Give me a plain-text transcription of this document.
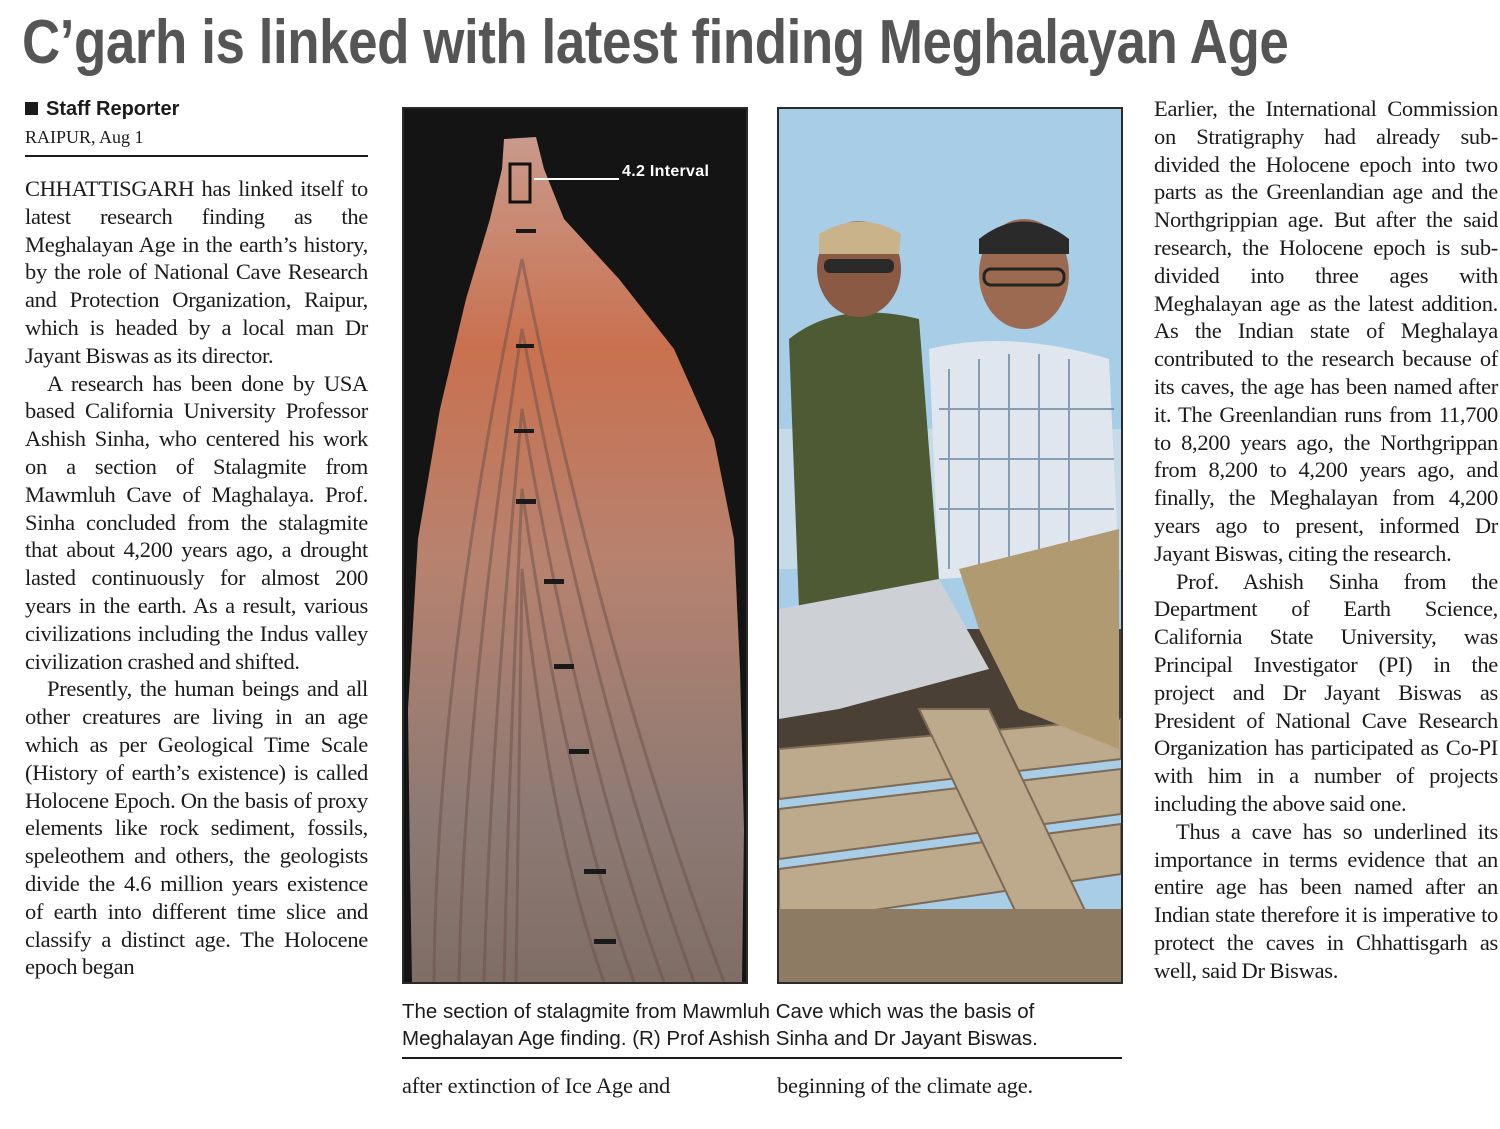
C’garh is linked with latest finding Meghalayan Age
Staff Reporter
RAIPUR, Aug 1

CHHATTISGARH has linked itself to latest research finding as the Meghalayan Age in the earth’s history, by the role of National Cave Research and Protection Organization, Raipur, which is headed by a local man Dr Jayant Biswas as its director.

A research has been done by USA based California University Professor Ashish Sinha, who centered his work on a section of Stalagmite from Mawmluh Cave of Maghalaya. Prof. Sinha concluded from the stalagmite that about 4,200 years ago, a drought lasted continuously for almost 200 years in the earth. As a result, various civilizations including the Indus valley civilization crashed and shifted.

Presently, the human beings and all other creatures are living in an age which as per Geological Time Scale (History of earth’s existence) is called Holocene Epoch. On the basis of proxy elements like rock sediment, fossils, speleothem and others, the geologists divide the 4.6 million years existence of earth into different time slice and classify a distinct age. The Holocene epoch began

4.2 Interval
The section of stalagmite from Mawmluh Cave which was the basis of
Meghalayan Age finding. (R) Prof Ashish Sinha and Dr Jayant Biswas.
after extinction of Ice Age and	beginning of the climate age.

Earlier, the International Commission on Stratigraphy had already sub-divided the Holocene epoch into two parts as the Greenlandian age and the Northgrippian age. But after the said research, the Holocene epoch is sub-divided into three ages with Meghalayan age as the latest addition. As the Indian state of Meghalaya contributed to the research because of its caves, the age has been named after it. The Greenlandian runs from 11,700 to 8,200 years ago, the Northgrippan from 8,200 to 4,200 years ago, and finally, the Meghalayan from 4,200 years ago to present, informed Dr Jayant Biswas, citing the research.

Prof. Ashish Sinha from the Department of Earth Science, California State University, was Principal Investigator (PI) in the project and Dr Jayant Biswas as President of National Cave Research Organization has participated as Co-PI with him in a number of projects including the above said one.

Thus a cave has so underlined its importance in terms evidence that an entire age has been named after an Indian state therefore it is imperative to protect the caves in Chhattisgarh as well, said Dr Biswas.
